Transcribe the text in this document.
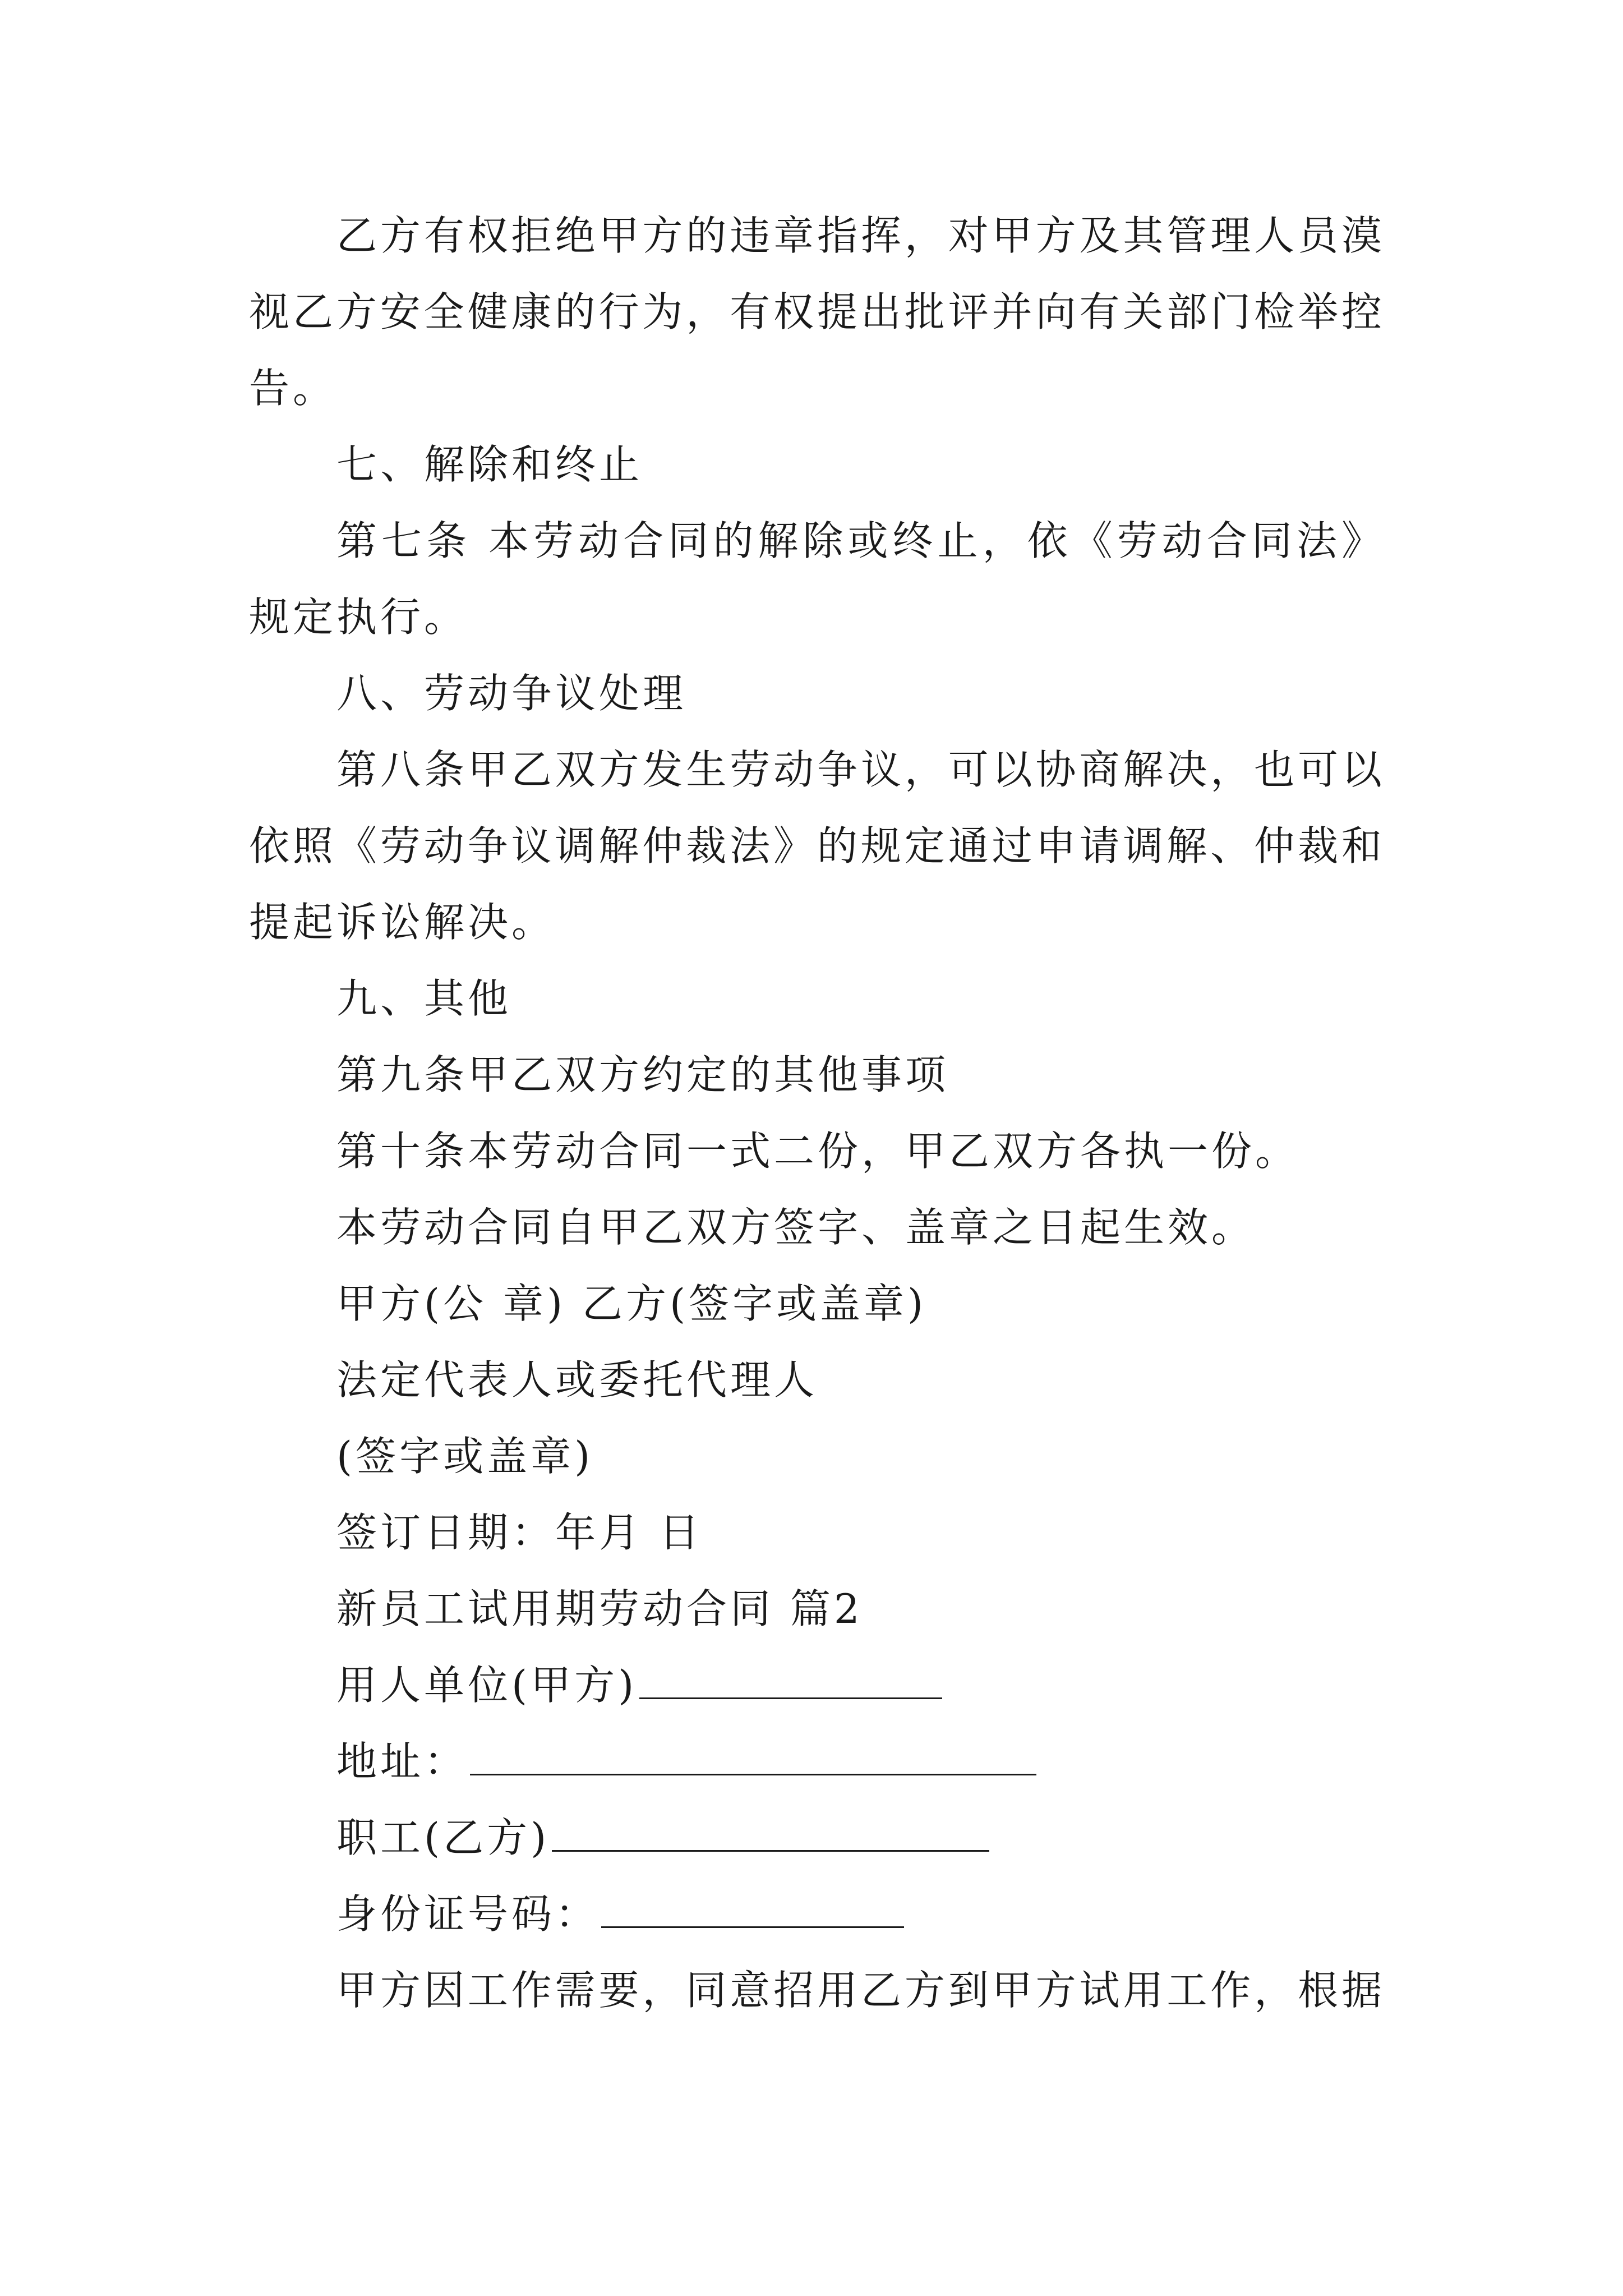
乙方有权拒绝甲方的违章指挥，对甲方及其管理人员漠
视乙方安全健康的行为，有权提出批评并向有关部门检举控
告。
七、解除和终止
第七条 本劳动合同的解除或终止，依《劳动合同法》
规定执行。
八、劳动争议处理
第八条甲乙双方发生劳动争议，可以协商解决，也可以
依照《劳动争议调解仲裁法》的规定通过申请调解、仲裁和
提起诉讼解决。
九、其他
第九条甲乙双方约定的其他事项
第十条本劳动合同一式二份，甲乙双方各执一份。
本劳动合同自甲乙双方签字、盖章之日起生效。
甲方(公 章) 乙方(签字或盖章)
法定代表人或委托代理人
(签字或盖章)
签订日期：年月 日
新员工试用期劳动合同 篇2
用人单位(甲方)
地址：
职工(乙方)
身份证号码：
甲方因工作需要，同意招用乙方到甲方试用工作，根据
